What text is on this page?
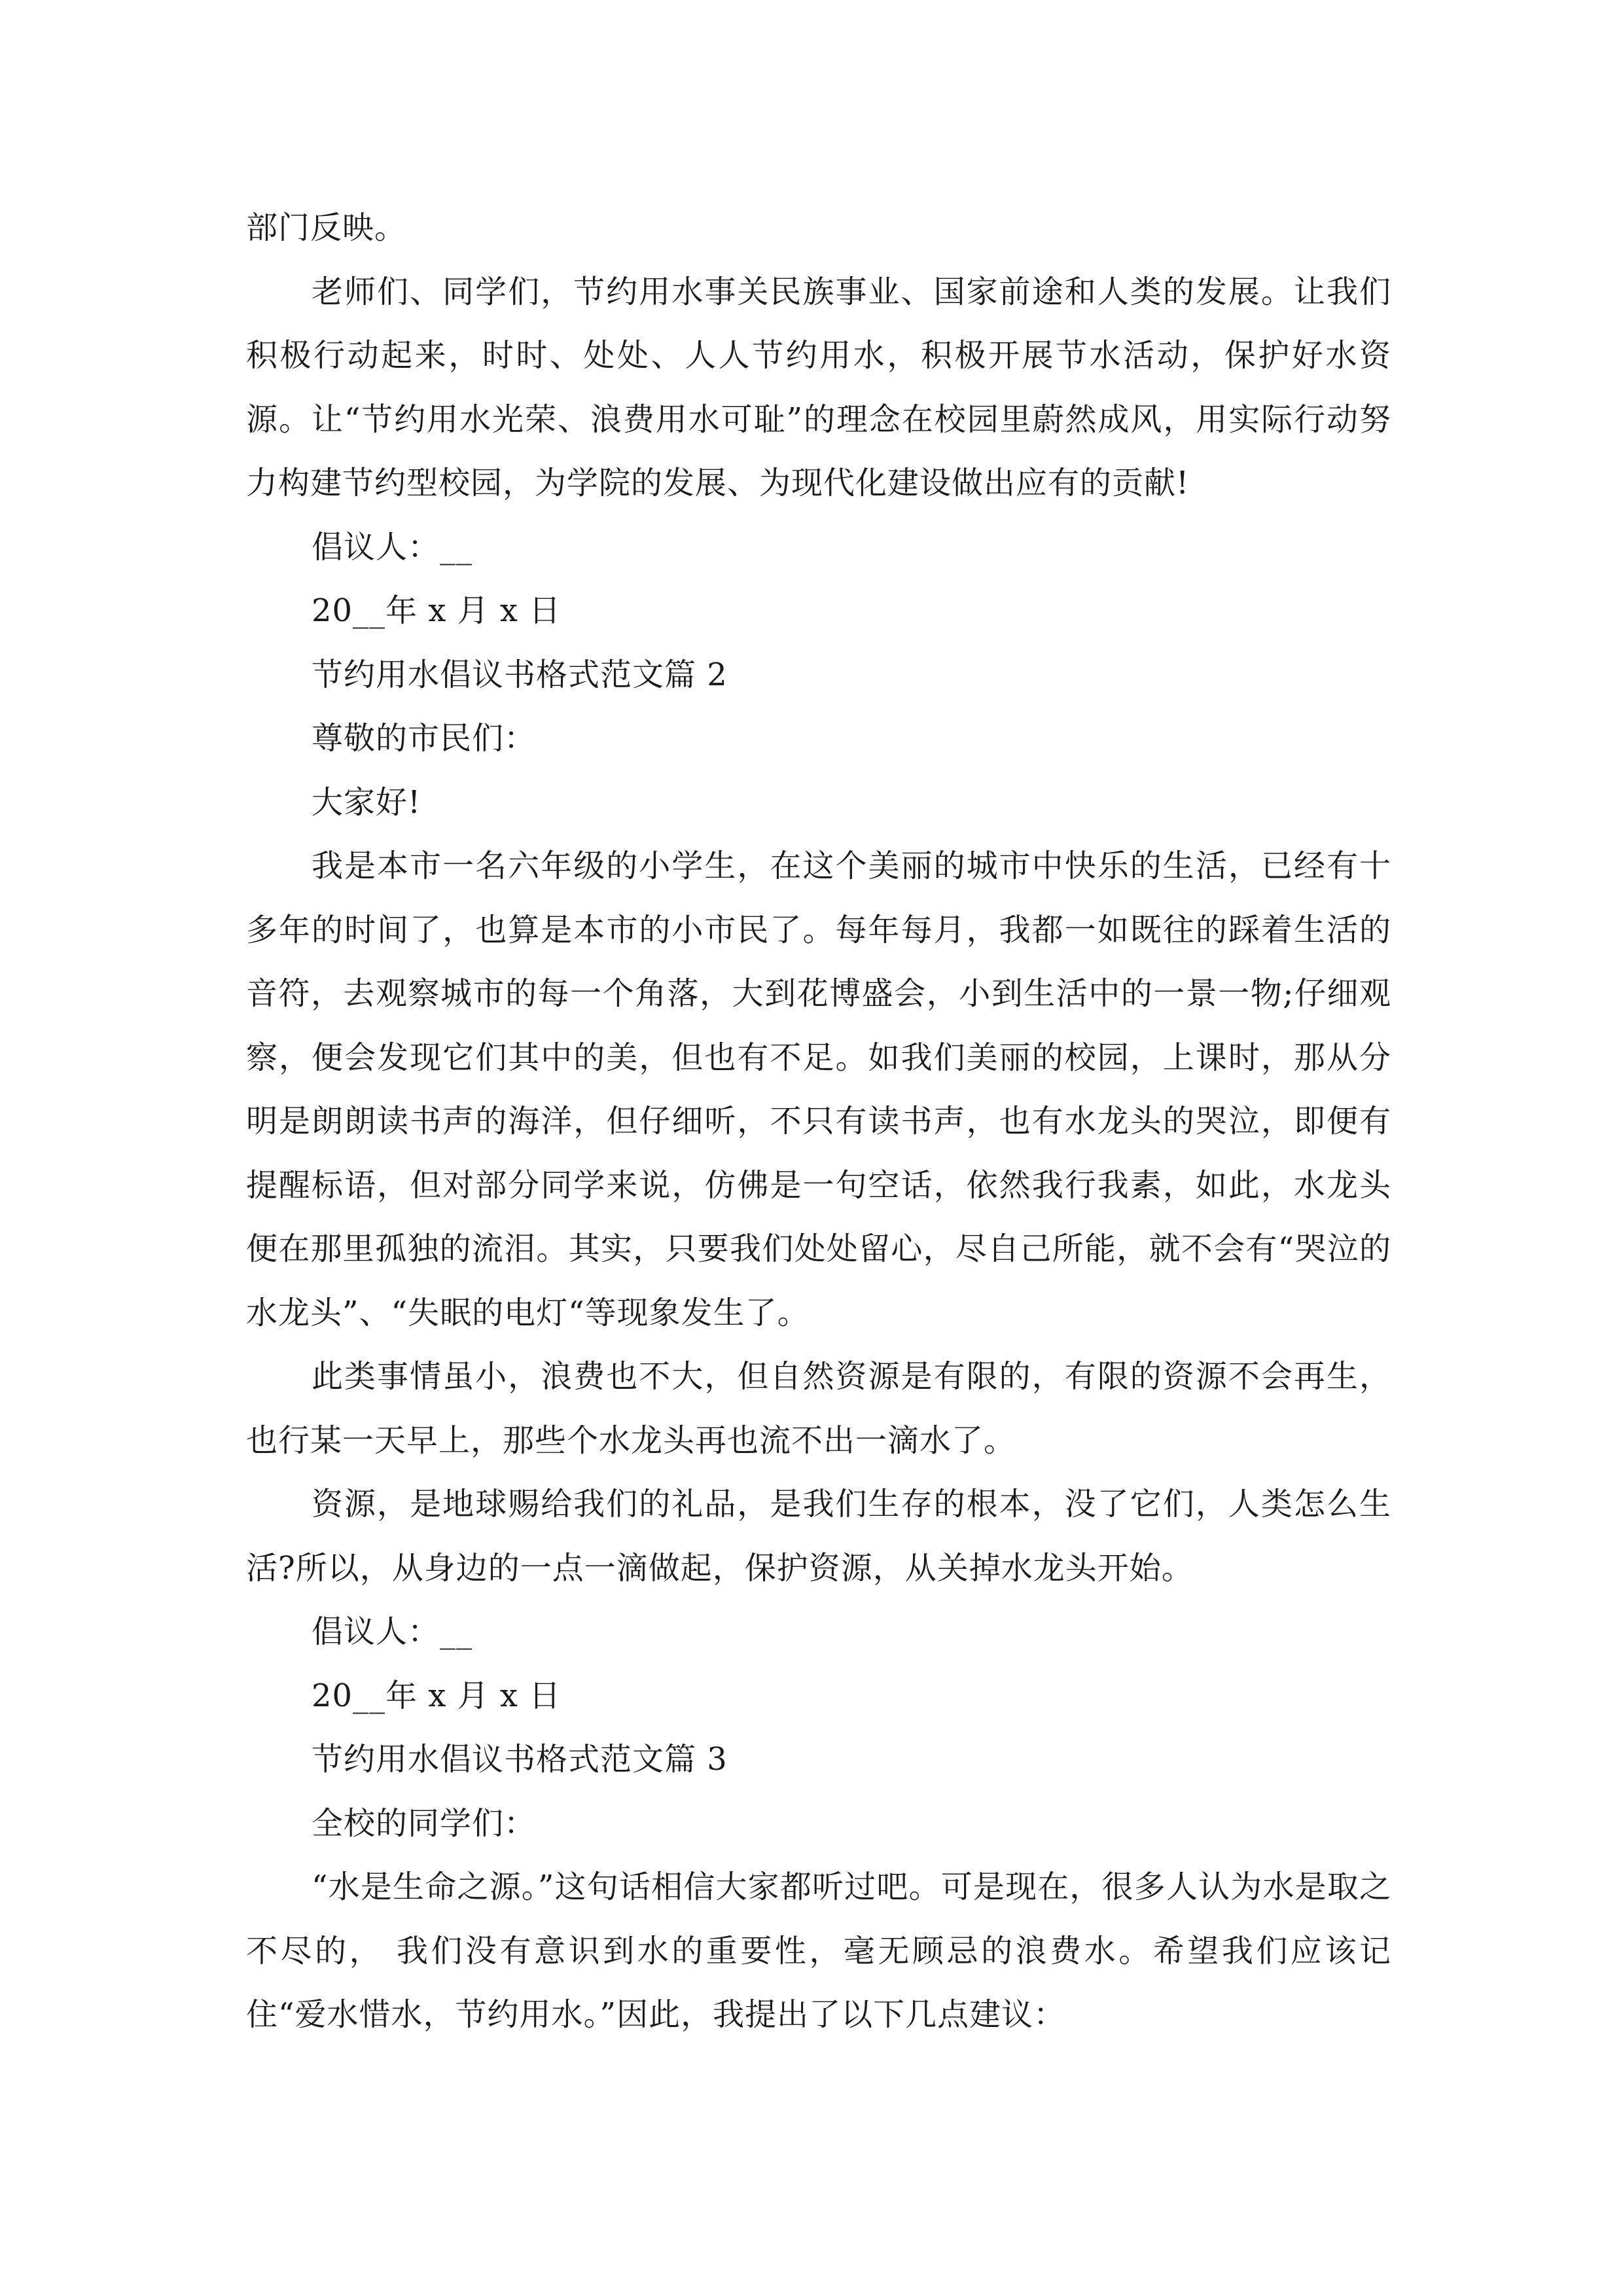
部门反映。

老师们、同学们，节约用水事关民族事业、国家前途和人类的发展。让我们积极行动起来，时时、处处、人人节约用水，积极开展节水活动，保护好水资源。让“节约用水光荣、浪费用水可耻”的理念在校园里蔚然成风，用实际行动努力构建节约型校园，为学院的发展、为现代化建设做出应有的贡献!

倡议人：__

20__年 x 月 x 日

节约用水倡议书格式范文篇 2

尊敬的市民们：

大家好!

我是本市一名六年级的小学生，在这个美丽的城市中快乐的生活，已经有十多年的时间了，也算是本市的小市民了。每年每月，我都一如既往的踩着生活的音符，去观察城市的每一个角落，大到花博盛会，小到生活中的一景一物;仔细观察，便会发现它们其中的美，但也有不足。如我们美丽的校园，上课时，那从分明是朗朗读书声的海洋，但仔细听，不只有读书声，也有水龙头的哭泣，即便有提醒标语，但对部分同学来说，仿佛是一句空话，依然我行我素，如此，水龙头便在那里孤独的流泪。其实，只要我们处处留心，尽自己所能，就不会有“哭泣的水龙头”、“失眠的电灯“等现象发生了。

此类事情虽小，浪费也不大，但自然资源是有限的，有限的资源不会再生，也行某一天早上，那些个水龙头再也流不出一滴水了。

资源，是地球赐给我们的礼品，是我们生存的根本，没了它们，人类怎么生活?所以，从身边的一点一滴做起，保护资源，从关掉水龙头开始。

倡议人：__

20__年 x 月 x 日

节约用水倡议书格式范文篇 3

全校的同学们：

“水是生命之源。”这句话相信大家都听过吧。可是现在，很多人认为水是取之不尽的， 我们没有意识到水的重要性，毫无顾忌的浪费水。希望我们应该记住“爱水惜水，节约用水。”因此，我提出了以下几点建议：
